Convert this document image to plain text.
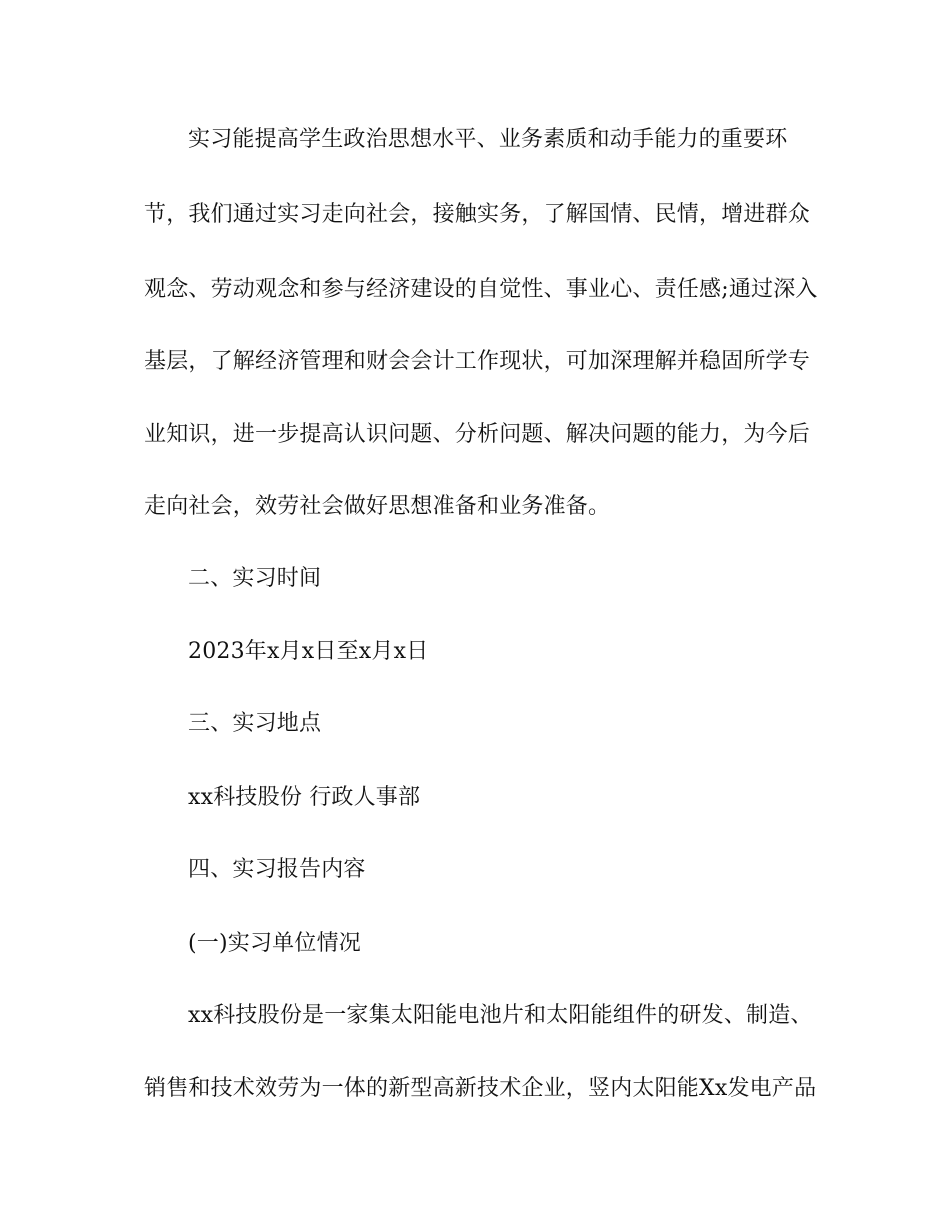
实习能提高学生政治思想水平、业务素质和动手能力的重要环
节，我们通过实习走向社会，接触实务，了解国情、民情，增进群众
观念、劳动观念和参与经济建设的自觉性、事业心、责任感;通过深入
基层，了解经济管理和财会会计工作现状，可加深理解并稳固所学专
业知识，进一步提高认识问题、分析问题、解决问题的能力，为今后
走向社会，效劳社会做好思想准备和业务准备。
二、实习时间
2023年x月x日至x月x日
三、实习地点
xx科技股份 行政人事部
四、实习报告内容
(一)实习单位情况
xx科技股份是一家集太阳能电池片和太阳能组件的研发、制造、
销售和技术效劳为一体的新型高新技术企业，竖内太阳能Xx发电产品
